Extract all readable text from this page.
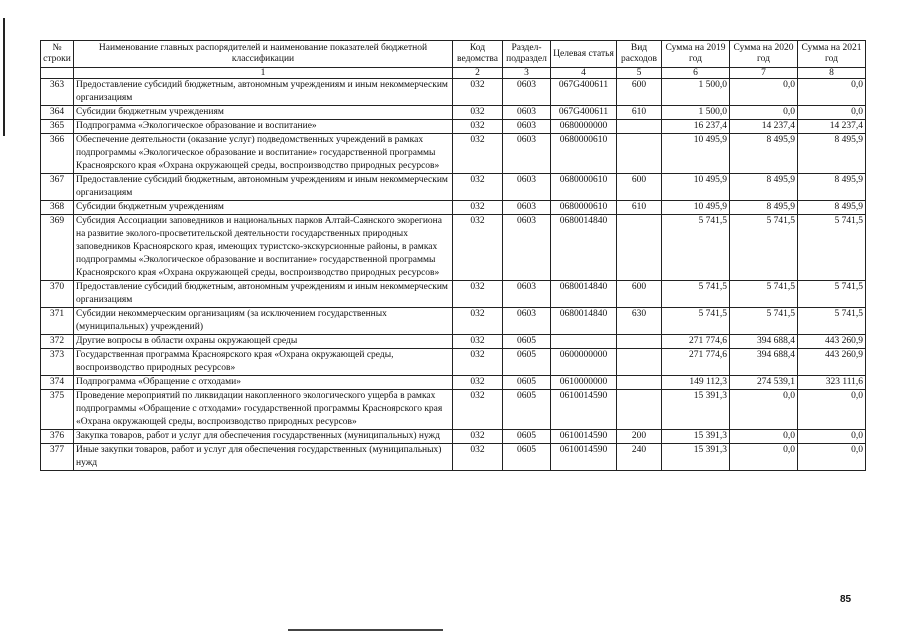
№ строки	Наименование главных распорядителей и наименование показателей бюджетной классификации	Код ведомства	Раздел-подраздел	Целевая статья	Вид расходов	Сумма на 2019 год	Сумма на 2020 год	Сумма на 2021 год
	1	2	3	4	5	6	7	8
363	Предоставление субсидий бюджетным, автономным учреждениям и иным некоммерческим организациям	032	0603	067G400611	600	1 500,0	0,0	0,0
364	Субсидии бюджетным учреждениям	032	0603	067G400611	610	1 500,0	0,0	0,0
365	Подпрограмма «Экологическое образование и воспитание»	032	0603	0680000000		16 237,4	14 237,4	14 237,4
366	Обеспечение деятельности (оказание услуг) подведомственных учреждений в рамках подпрограммы «Экологическое образование и воспитание» государственной программы Красноярского края «Охрана окружающей среды, воспроизводство природных ресурсов»	032	0603	0680000610		10 495,9	8 495,9	8 495,9
367	Предоставление субсидий бюджетным, автономным учреждениям и иным некоммерческим организациям	032	0603	0680000610	600	10 495,9	8 495,9	8 495,9
368	Субсидии бюджетным учреждениям	032	0603	0680000610	610	10 495,9	8 495,9	8 495,9
369	Субсидия Ассоциации заповедников и национальных парков Алтай-Саянского экорегиона на развитие эколого-просветительской деятельности государственных природных заповедников Красноярского края, имеющих туристско-экскурсионные районы, в рамках подпрограммы «Экологическое образование и воспитание» государственной программы Красноярского края «Охрана окружающей среды, воспроизводство природных ресурсов»	032	0603	0680014840		5 741,5	5 741,5	5 741,5
370	Предоставление субсидий бюджетным, автономным учреждениям и иным некоммерческим организациям	032	0603	0680014840	600	5 741,5	5 741,5	5 741,5
371	Субсидии некоммерческим организациям (за исключением государственных (муниципальных) учреждений)	032	0603	0680014840	630	5 741,5	5 741,5	5 741,5
372	Другие вопросы в области охраны окружающей среды	032	0605			271 774,6	394 688,4	443 260,9
373	Государственная программа Красноярского края «Охрана окружающей среды, воспроизводство природных ресурсов»	032	0605	0600000000		271 774,6	394 688,4	443 260,9
374	Подпрограмма «Обращение с отходами»	032	0605	0610000000		149 112,3	274 539,1	323 111,6
375	Проведение мероприятий по ликвидации накопленного экологического ущерба в рамках подпрограммы «Обращение с отходами» государственной программы Красноярского края «Охрана окружающей среды, воспроизводство природных ресурсов»	032	0605	0610014590		15 391,3	0,0	0,0
376	Закупка товаров, работ и услуг для обеспечения государственных (муниципальных) нужд	032	0605	0610014590	200	15 391,3	0,0	0,0
377	Иные закупки товаров, работ и услуг для обеспечения государственных (муниципальных) нужд	032	0605	0610014590	240	15 391,3	0,0	0,0
85
